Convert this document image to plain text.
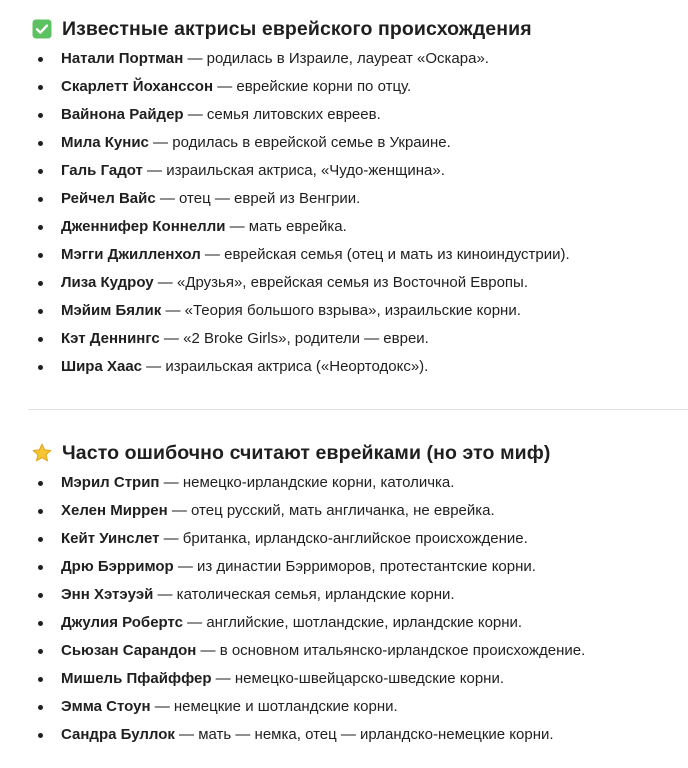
Известные актрисы еврейского происхождения
Натали Портман — родилась в Израиле, лауреат «Оскара».
Скарлетт Йоханссон — еврейские корни по отцу.
Вайнона Райдер — семья литовских евреев.
Мила Кунис — родилась в еврейской семье в Украине.
Галь Гадот — израильская актриса, «Чудо-женщина».
Рейчел Вайс — отец — еврей из Венгрии.
Дженнифер Коннелли — мать еврейка.
Мэгги Джилленхол — еврейская семья (отец и мать из киноиндустрии).
Лиза Кудроу — «Друзья», еврейская семья из Восточной Европы.
Мэйим Бялик — «Теория большого взрыва», израильские корни.
Кэт Деннингс — «2 Broke Girls», родители — евреи.
Шира Хаас — израильская актриса («Неортодокс»).
Часто ошибочно считают еврейками (но это миф)
Мэрил Стрип — немецко-ирландские корни, католичка.
Хелен Миррен — отец русский, мать англичанка, не еврейка.
Кейт Уинслет — британка, ирландско-английское происхождение.
Дрю Бэрримор — из династии Бэрриморов, протестантские корни.
Энн Хэтэуэй — католическая семья, ирландские корни.
Джулия Робертс — английские, шотландские, ирландские корни.
Сьюзан Сарандон — в основном итальянско-ирландское происхождение.
Мишель Пфайффер — немецко-швейцарско-шведские корни.
Эмма Стоун — немецкие и шотландские корни.
Сандра Буллок — мать — немка, отец — ирландско-немецкие корни.
